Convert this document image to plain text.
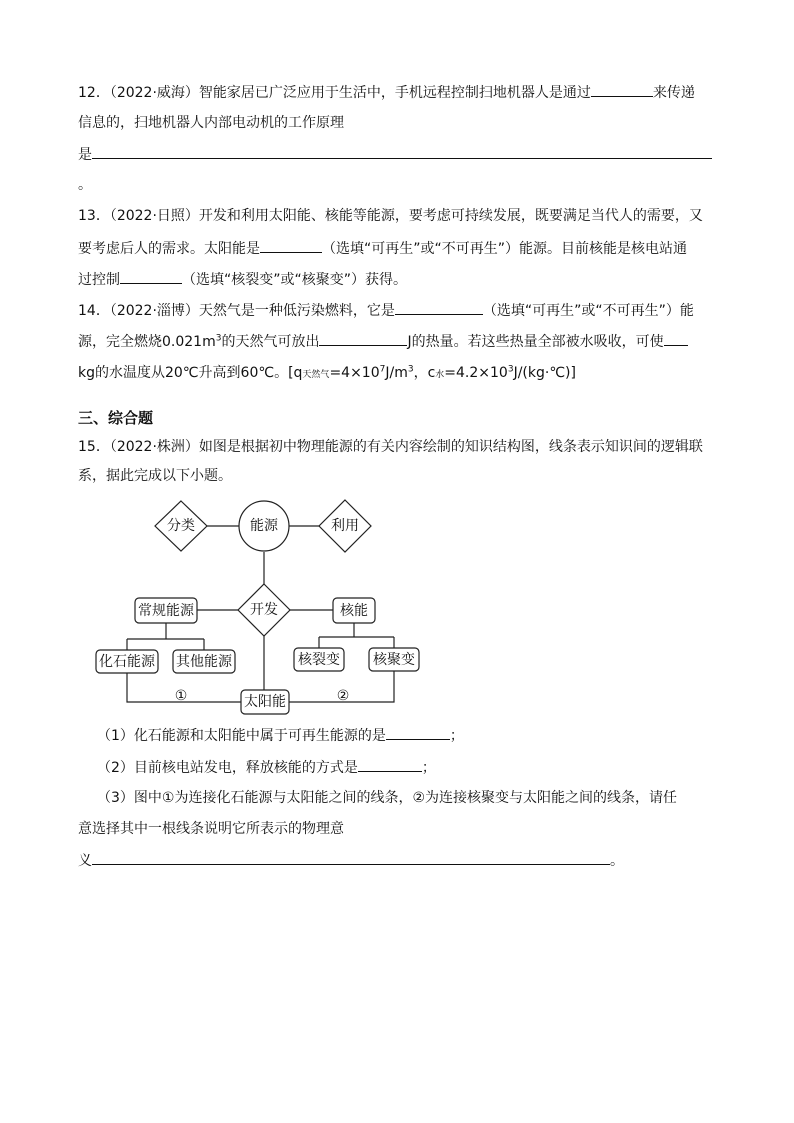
12．（2022·威海）智能家居已广泛应用于生活中，手机远程控制扫地机器人是通过	来传递
信息的，扫地机器人内部电动机的工作原理
是
。
13．（2022·日照）开发和利用太阳能、核能等能源，要考虑可持续发展，既要满足当代人的需要，又
要考虑后人的需求。太阳能是	（选填“可再生”或“不可再生”）能源。目前核能是核电站通
过控制	（选填“核裂变”或“核聚变”）获得。
14．（2022·淄博）天然气是一种低污染燃料，它是	（选填“可再生”或“不可再生”）能
源，完全燃烧$0.021m^3$的天然气可放出	J的热量。若这些热量全部被水吸收，可使
kg的水温度从20℃升高到60℃。[q天然气$=4\times 10^7J/m^3$，c水$=4.2\times 10^3J/(kg\cdot℃)$]
三、综合题
15．（2022·株洲）如图是根据初中物理能源的有关内容绘制的知识结构图，线条表示知识间的逻辑联
系，据此完成以下小题。
分类	能源	利用
开发
常规能源	核能
化石能源 其他能源	核裂变 核聚变
太阳能
①	②
（1）化石能源和太阳能中属于可再生能源的是	；
（2）目前核电站发电，释放核能的方式是	；
（3）图中①为连接化石能源与太阳能之间的线条，②为连接核聚变与太阳能之间的线条，请任
意选择其中一根线条说明它所表示的物理意
义	。
